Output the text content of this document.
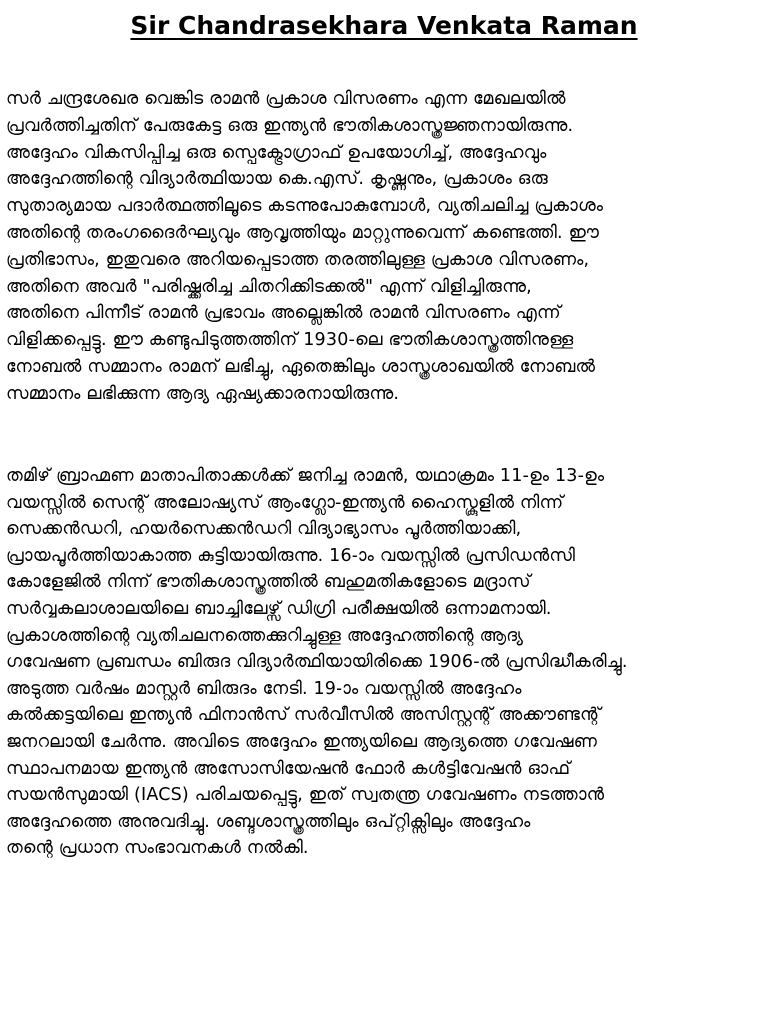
Sir Chandrasekhara Venkata Raman
സർ ചന്ദ്രശേഖര വെങ്കിട രാമൻ പ്രകാശ വിസരണം എന്ന മേഖലയിൽ
പ്രവർത്തിച്ചതിന് പേരുകേട്ട ഒരു ഇന്ത്യൻ ഭൗതികശാസ്ത്രജ്ഞനായിരുന്നു.
അദ്ദേഹം വികസിപ്പിച്ച ഒരു സ്പെക്ട്രോഗ്രാഫ് ഉപയോഗിച്ച്, അദ്ദേഹവും
അദ്ദേഹത്തിന്റെ വിദ്യാർത്ഥിയായ കെ.എസ്. കൃഷ്ണനും, പ്രകാശം ഒരു
സുതാര്യമായ പദാർത്ഥത്തിലൂടെ കടന്നുപോകുമ്പോൾ, വ്യതിചലിച്ച പ്രകാശം
അതിന്റെ തരംഗദൈർഘ്യവും ആവൃത്തിയും മാറ്റുന്നുവെന്ന് കണ്ടെത്തി. ഈ
പ്രതിഭാസം, ഇതുവരെ അറിയപ്പെടാത്ത തരത്തിലുള്ള പ്രകാശ വിസരണം,
അതിനെ അവർ "പരിഷ്ക്കരിച്ച ചിതറിക്കിടക്കൽ" എന്ന് വിളിച്ചിരുന്നു,
അതിനെ പിന്നീട് രാമൻ പ്രഭാവം അല്ലെങ്കിൽ രാമൻ വിസരണം എന്ന്
വിളിക്കപ്പെട്ടു. ഈ കണ്ടുപിടുത്തത്തിന് 1930-ലെ ഭൗതികശാസ്ത്രത്തിനുള്ള
നോബൽ സമ്മാനം രാമന് ലഭിച്ചു, ഏതെങ്കിലും ശാസ്ത്രശാഖയിൽ നോബൽ
സമ്മാനം ലഭിക്കുന്ന ആദ്യ ഏഷ്യക്കാരനായിരുന്നു.
തമിഴ് ബ്രാഹ്മണ മാതാപിതാക്കൾക്ക് ജനിച്ച രാമൻ, യഥാക്രമം 11-ഉം 13-ഉം
വയസ്സിൽ സെന്റ് അലോഷ്യസ് ആംഗ്ലോ-ഇന്ത്യൻ ഹൈസ്കൂളിൽ നിന്ന്
സെക്കൻഡറി, ഹയർസെക്കൻഡറി വിദ്യാഭ്യാസം പൂർത്തിയാക്കി,
പ്രായപൂർത്തിയാകാത്ത കുട്ടിയായിരുന്നു. 16-ാം വയസ്സിൽ പ്രസിഡൻസി
കോളേജിൽ നിന്ന് ഭൗതികശാസ്ത്രത്തിൽ ബഹുമതികളോടെ മദ്രാസ്
സർവ്വകലാശാലയിലെ ബാച്ചിലേഴ്സ് ഡിഗ്രി പരീക്ഷയിൽ ഒന്നാമനായി.
പ്രകാശത്തിന്റെ വ്യതിചലനത്തെക്കുറിച്ചുള്ള അദ്ദേഹത്തിന്റെ ആദ്യ
ഗവേഷണ പ്രബന്ധം ബിരുദ വിദ്യാർത്ഥിയായിരിക്കെ 1906-ൽ പ്രസിദ്ധീകരിച്ചു.
അടുത്ത വർഷം മാസ്റ്റർ ബിരുദം നേടി. 19-ാം വയസ്സിൽ അദ്ദേഹം
കൽക്കട്ടയിലെ ഇന്ത്യൻ ഫിനാൻസ് സർവീസിൽ അസിസ്റ്റന്റ് അക്കൗണ്ടന്റ്
ജനറലായി ചേർന്നു. അവിടെ അദ്ദേഹം ഇന്ത്യയിലെ ആദ്യത്തെ ഗവേഷണ
സ്ഥാപനമായ ഇന്ത്യൻ അസോസിയേഷൻ ഫോർ കൾട്ടിവേഷൻ ഓഫ്
സയൻസുമായി (IACS) പരിചയപ്പെട്ടു, ഇത് സ്വതന്ത്ര ഗവേഷണം നടത്താൻ
അദ്ദേഹത്തെ അനുവദിച്ചു. ശബ്ദശാസ്ത്രത്തിലും ഒപ്റ്റിക്സിലും അദ്ദേഹം
തന്റെ പ്രധാന സംഭാവനകൾ നൽകി.
